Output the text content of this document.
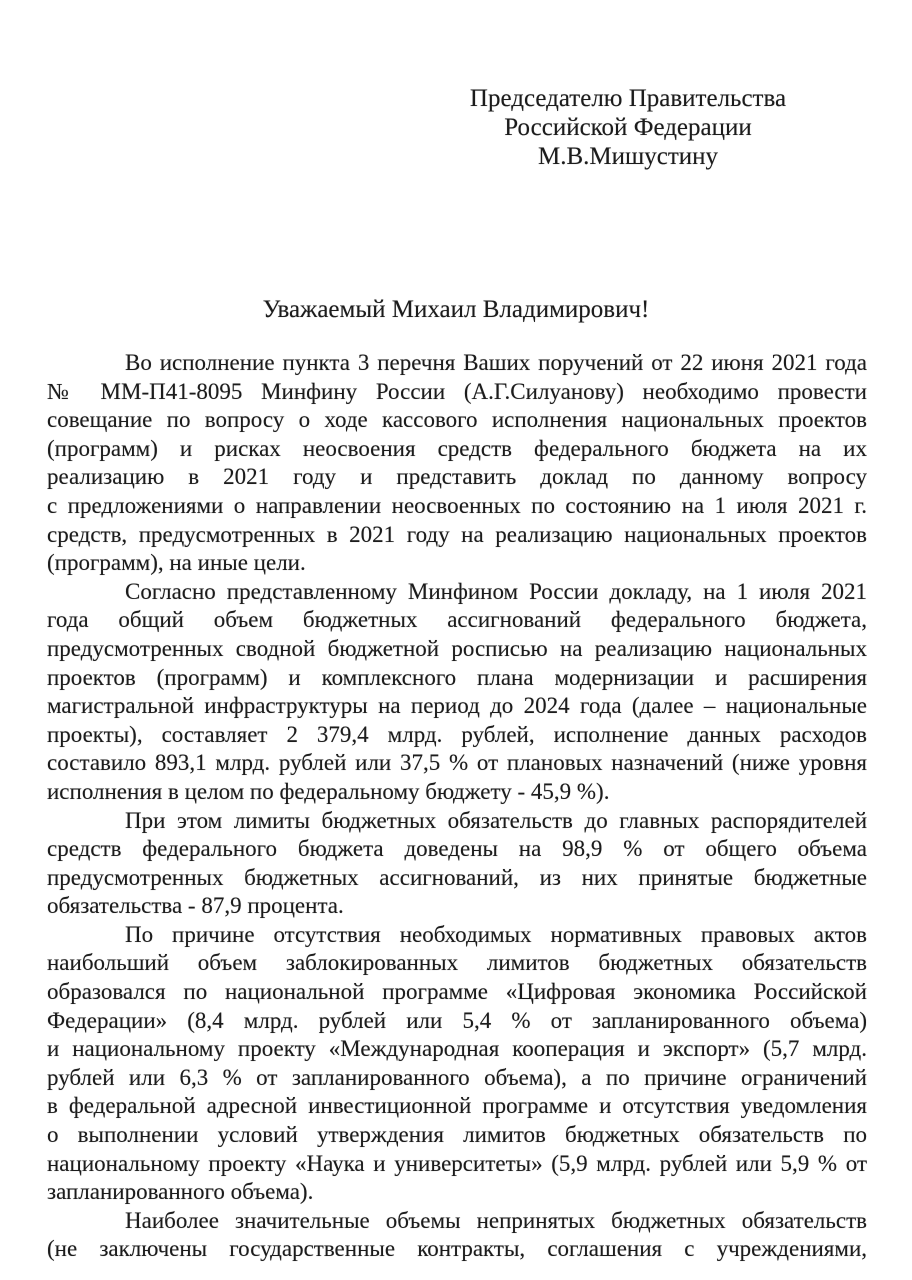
Председателю Правительства
Российской Федерации
М.В.Мишустину
Уважаемый Михаил Владимирович!
Во исполнение пункта 3 перечня Ваших поручений от 22 июня 2021 года
№ ММ-П41-8095 Минфину России (А.Г.Силуанову) необходимо провести
совещание по вопросу о ходе кассового исполнения национальных проектов
(программ) и рисках неосвоения средств федерального бюджета на их
реализацию в 2021 году и представить доклад по данному вопросу
с предложениями о направлении неосвоенных по состоянию на 1 июля 2021 г.
средств, предусмотренных в 2021 году на реализацию национальных проектов
(программ), на иные цели.
Согласно представленному Минфином России докладу, на 1 июля 2021
года общий объем бюджетных ассигнований федерального бюджета,
предусмотренных сводной бюджетной росписью на реализацию национальных
проектов (программ) и комплексного плана модернизации и расширения
магистральной инфраструктуры на период до 2024 года (далее – национальные
проекты), составляет 2 379,4 млрд. рублей, исполнение данных расходов
составило 893,1 млрд. рублей или 37,5 % от плановых назначений (ниже уровня
исполнения в целом по федеральному бюджету - 45,9 %).
При этом лимиты бюджетных обязательств до главных распорядителей
средств федерального бюджета доведены на 98,9 % от общего объема
предусмотренных бюджетных ассигнований, из них принятые бюджетные
обязательства - 87,9 процента.
По причине отсутствия необходимых нормативных правовых актов
наибольший объем заблокированных лимитов бюджетных обязательств
образовался по национальной программе «Цифровая экономика Российской
Федерации» (8,4 млрд. рублей или 5,4 % от запланированного объема)
и национальному проекту «Международная кооперация и экспорт» (5,7 млрд.
рублей или 6,3 % от запланированного объема), а по причине ограничений
в федеральной адресной инвестиционной программе и отсутствия уведомления
о выполнении условий утверждения лимитов бюджетных обязательств по
национальному проекту «Наука и университеты» (5,9 млрд. рублей или 5,9 % от
запланированного объема).
Наиболее значительные объемы непринятых бюджетных обязательств
(не заключены государственные контракты, соглашения с учреждениями,
